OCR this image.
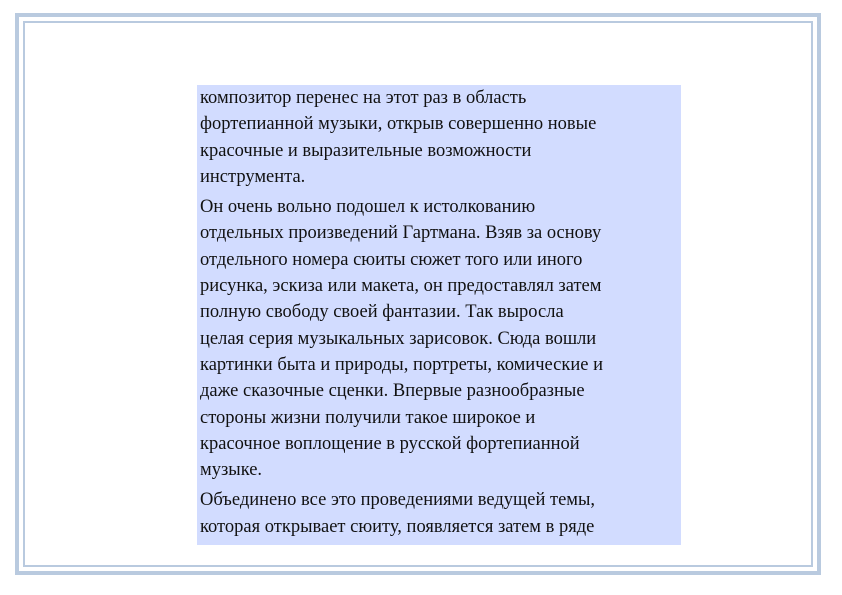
композитор перенес на этот раз в область
фортепианной музыки, открыв совершенно новые
красочные и выразительные возможности
инструмента.

Он очень вольно подошел к истолкованию
отдельных произведений Гартмана. Взяв за основу
отдельного номера сюиты сюжет того или иного
рисунка, эскиза или макета, он предоставлял затем
полную свободу своей фантазии. Так выросла
целая серия музыкальных зарисовок. Сюда вошли
картинки быта и природы, портреты, комические и
даже сказочные сценки. Впервые разнообразные
стороны жизни получили такое широкое и
красочное воплощение в русской фортепианной
музыке.

Объединено все это проведениями ведущей темы,
которая открывает сюиту, появляется затем в ряде
